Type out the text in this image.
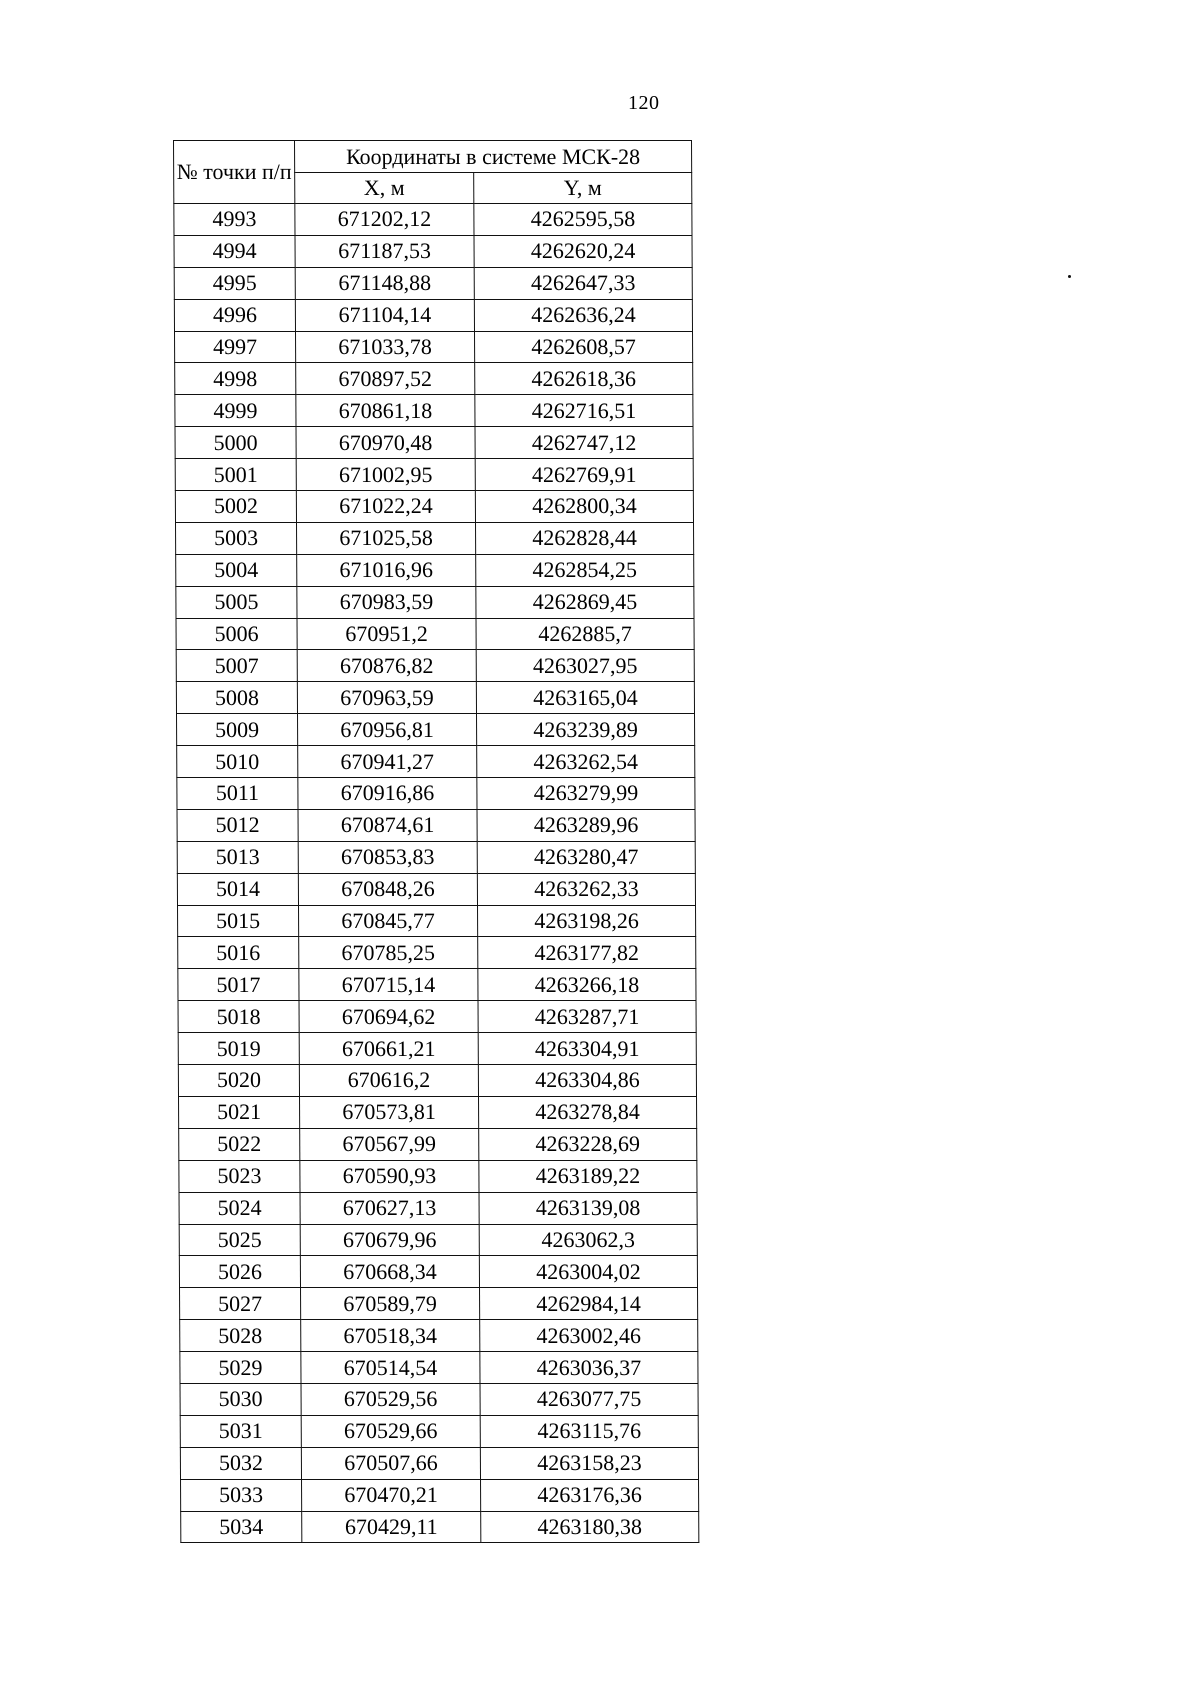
120
№ точки п/п	Координаты в системе МСК-28	
	X, м	Y, м
4993	671202,12	4262595,58
4994	671187,53	4262620,24
4995	671148,88	4262647,33
4996	671104,14	4262636,24
4997	671033,78	4262608,57
4998	670897,52	4262618,36
4999	670861,18	4262716,51
5000	670970,48	4262747,12
5001	671002,95	4262769,91
5002	671022,24	4262800,34
5003	671025,58	4262828,44
5004	671016,96	4262854,25
5005	670983,59	4262869,45
5006	670951,2	4262885,7
5007	670876,82	4263027,95
5008	670963,59	4263165,04
5009	670956,81	4263239,89
5010	670941,27	4263262,54
5011	670916,86	4263279,99
5012	670874,61	4263289,96
5013	670853,83	4263280,47
5014	670848,26	4263262,33
5015	670845,77	4263198,26
5016	670785,25	4263177,82
5017	670715,14	4263266,18
5018	670694,62	4263287,71
5019	670661,21	4263304,91
5020	670616,2	4263304,86
5021	670573,81	4263278,84
5022	670567,99	4263228,69
5023	670590,93	4263189,22
5024	670627,13	4263139,08
5025	670679,96	4263062,3
5026	670668,34	4263004,02
5027	670589,79	4262984,14
5028	670518,34	4263002,46
5029	670514,54	4263036,37
5030	670529,56	4263077,75
5031	670529,66	4263115,76
5032	670507,66	4263158,23
5033	670470,21	4263176,36
5034	670429,11	4263180,38
